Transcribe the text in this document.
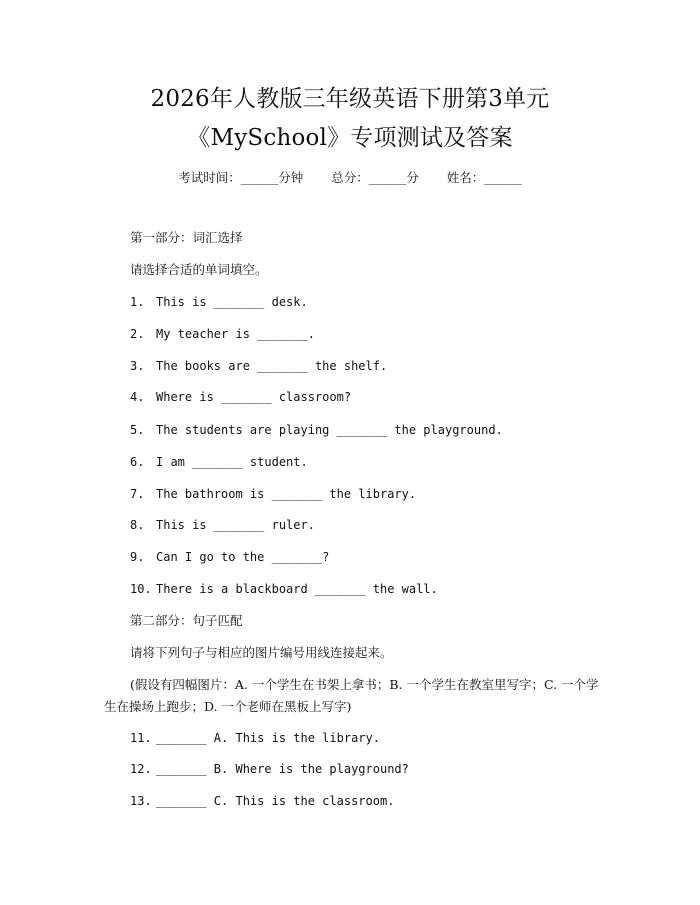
2026年人教版三年级英语下册第3单元
《MySchool》专项测试及答案
考试时间：______分钟 总分：______分 姓名：______
第一部分：词汇选择
请选择合适的单词填空。
1. This is _______ desk.
2. My teacher is _______.
3. The books are _______ the shelf.
4. Where is _______ classroom?
5. The students are playing _______ the playground.
6. I am _______ student.
7. The bathroom is _______ the library.
8. This is _______ ruler.
9. Can I go to the _______?
10. There is a blackboard _______ the wall.
第二部分：句子匹配
请将下列句子与相应的图片编号用线连接起来。
(假设有四幅图片：A. 一个学生在书架上拿书；B. 一个学生在教室里写字；C. 一个学生在操场上跑步；D. 一个老师在黑板上写字)
11. _______ A. This is the library.
12. _______ B. Where is the playground?
13. _______ C. This is the classroom.
